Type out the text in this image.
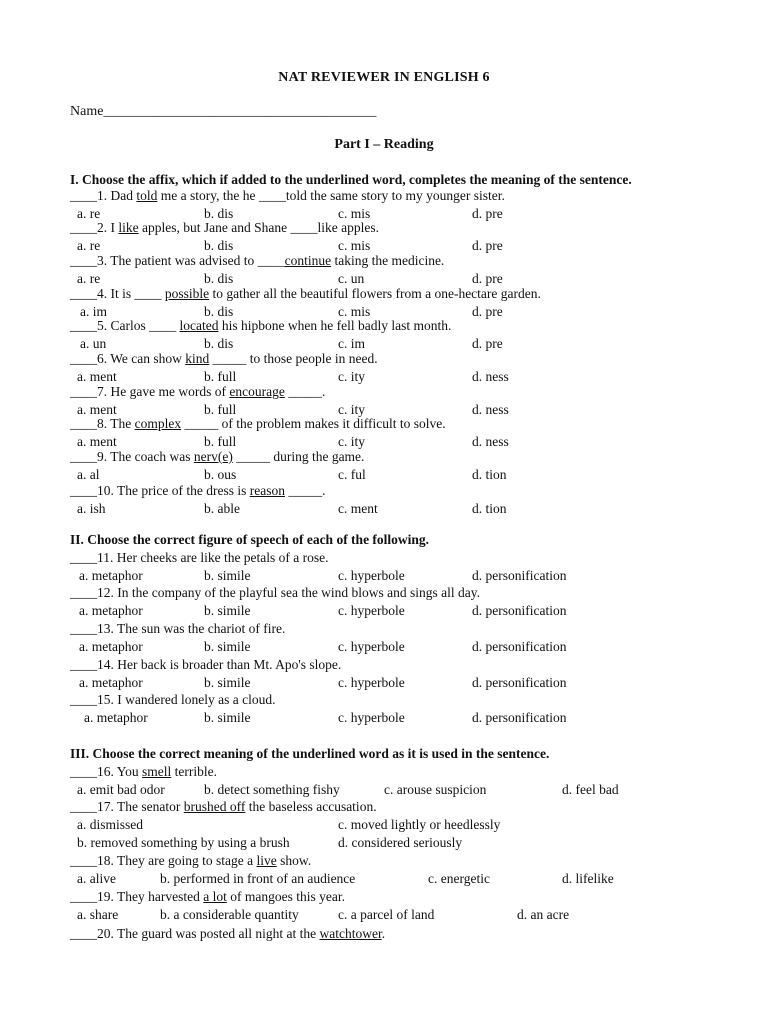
NAT REVIEWER IN ENGLISH 6
Name_______________________________________
Part I – Reading
I. Choose the affix, which if added to the underlined word, completes the meaning of the sentence.
____1. Dad told me a story, the he ____told the same story to my younger sister.
a. re	b. dis	c. mis	d. pre
____2. I like apples, but Jane and Shane ____like apples.
a. re	b. dis	c. mis	d. pre
____3. The patient was advised to ____continue taking the medicine.
a. re	b. dis	c. un	d. pre
____4. It is ____ possible to gather all the beautiful flowers from a one-hectare garden.
a. im	b. dis	c. mis	d. pre
____5. Carlos ____ located his hipbone when he fell badly last month.
a. un	b. dis	c. im	d. pre
____6. We can show kind _____ to those people in need.
a. ment	b. full	c. ity	d. ness
____7. He gave me words of encourage _____.
a. ment	b. full	c. ity	d. ness
____8. The complex _____ of the problem makes it difficult to solve.
a. ment	b. full	c. ity	d. ness
____9. The coach was nerv(e) _____ during the game.
a. al	b. ous	c. ful	d. tion
____10. The price of the dress is reason _____.
a. ish	b. able	c. ment	d. tion
II. Choose the correct figure of speech of each of the following.
____11. Her cheeks are like the petals of a rose.
a. metaphor	b. simile	c. hyperbole	d. personification
____12. In the company of the playful sea the wind blows and sings all day.
a. metaphor	b. simile	c. hyperbole	d. personification
____13. The sun was the chariot of fire.
a. metaphor	b. simile	c. hyperbole	d. personification
____14. Her back is broader than Mt. Apo's slope.
a. metaphor	b. simile	c. hyperbole	d. personification
____15. I wandered lonely as a cloud.
a. metaphor	b. simile	c. hyperbole	d. personification
III. Choose the correct meaning of the underlined word as it is used in the sentence.
____16. You smell terrible.
a. emit bad odor	b. detect something fishy	c. arouse suspicion	d. feel bad
____17. The senator brushed off the baseless accusation.
a. dismissed	c. moved lightly or heedlessly
b. removed something by using a brush	d. considered seriously
____18. They are going to stage a live show.
a. alive	b. performed in front of an audience	c. energetic	d. lifelike
____19. They harvested a lot of mangoes this year.
a. share	b. a considerable quantity	c. a parcel of land	d. an acre
____20. The guard was posted all night at the watchtower.
